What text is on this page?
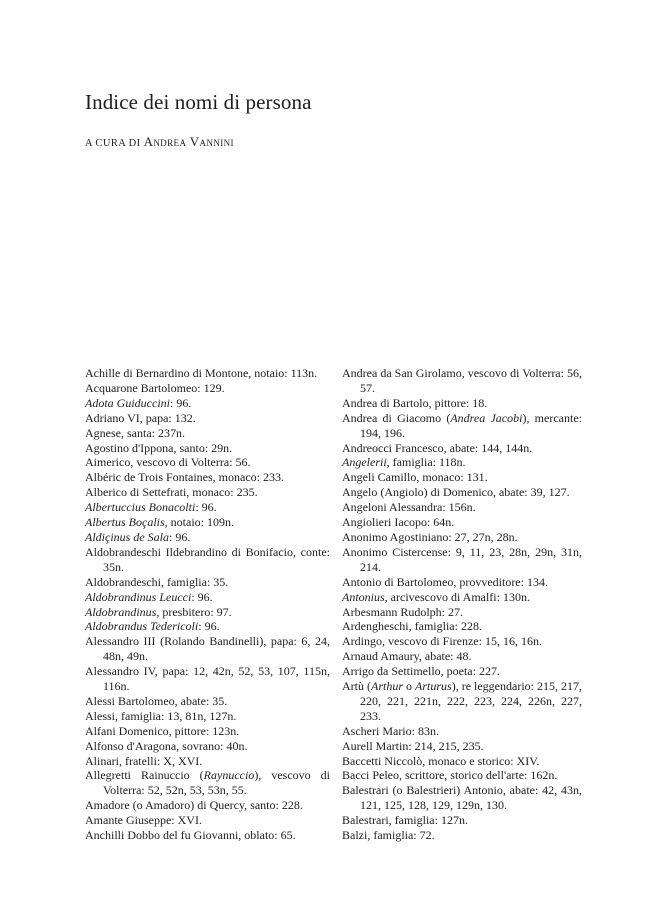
Indice dei nomi di persona
A CURA DI Andrea Vannini

Achille di Bernardino di Montone, notaio: 113n.

Acquarone Bartolomeo: 129.

Adota Guiduccini: 96.

Adriano VI, papa: 132.

Agnese, santa: 237n.

Agostino d'Ippona, santo: 29n.

Aimerico, vescovo di Volterra: 56.

Albéric de Trois Fontaines, monaco: 233.

Alberico di Settefrati, monaco: 235.

Albertuccius Bonacolti: 96.

Albertus Boçalis, notaio: 109n.

Aldiçinus de Sala: 96.

Aldobrandeschi Ildebrandino di Bonifacio, conte: 35n.

Aldobrandeschi, famiglia: 35.

Aldobrandinus Leucci: 96.

Aldobrandinus, presbitero: 97.

Aldobrandus Tedericoli: 96.

Alessandro III (Rolando Bandinelli), papa: 6, 24, 48n, 49n.

Alessandro IV, papa: 12, 42n, 52, 53, 107, 115n, 116n.

Alessi Bartolomeo, abate: 35.

Alessi, famiglia: 13, 81n, 127n.

Alfani Domenico, pittore: 123n.

Alfonso d'Aragona, sovrano: 40n.

Alinari, fratelli: X, XVI.

Allegretti Rainuccio (Raynuccio), vescovo di Volterra: 52, 52n, 53, 53n, 55.

Amadore (o Amadoro) di Quercy, santo: 228.

Amante Giuseppe: XVI.

Anchilli Dobbo del fu Giovanni, oblato: 65.

Andrea da San Girolamo, vescovo di Volterra: 56, 57.

Andrea di Bartolo, pittore: 18.

Andrea di Giacomo (Andrea Jacobi), mercante: 194, 196.

Andreocci Francesco, abate: 144, 144n.

Angelerii, famiglia: 118n.

Angeli Camillo, monaco: 131.

Angelo (Angiolo) di Domenico, abate: 39, 127.

Angeloni Alessandra: 156n.

Angiolieri Iacopo: 64n.

Anonimo Agostiniano: 27, 27n, 28n.

Anonimo Cistercense: 9, 11, 23, 28n, 29n, 31n, 214.

Antonio di Bartolomeo, provveditore: 134.

Antonius, arcivescovo di Amalfi: 130n.

Arbesmann Rudolph: 27.

Ardengheschi, famiglia: 228.

Ardingo, vescovo di Firenze: 15, 16, 16n.

Arnaud Amaury, abate: 48.

Arrigo da Settimello, poeta: 227.

Artù (Arthur o Arturus), re leggendario: 215, 217, 220, 221, 221n, 222, 223, 224, 226n, 227, 233.

Ascheri Mario: 83n.

Aurell Martin: 214, 215, 235.

Baccetti Niccolò, monaco e storico: XIV.

Bacci Peleo, scrittore, storico dell'arte: 162n.

Balestrari (o Balestrieri) Antonio, abate: 42, 43n, 121, 125, 128, 129, 129n, 130.

Balestrari, famiglia: 127n.

Balzi, famiglia: 72.
